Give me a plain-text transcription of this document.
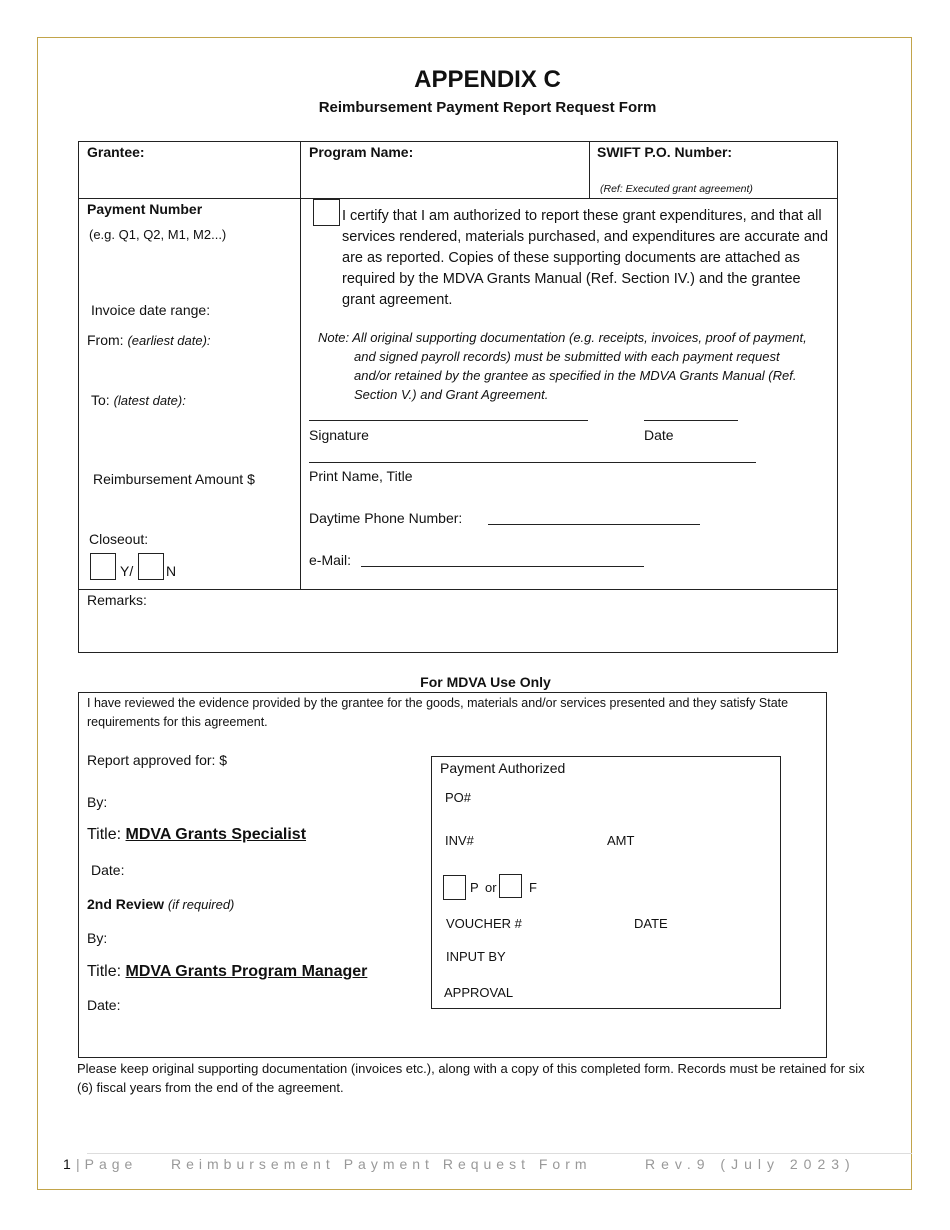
APPENDIX C
Reimbursement Payment Report Request Form
Grantee:	Program Name:	SWIFT P.O. Number:
(Ref: Executed grant agreement)
Payment Number
(e.g. Q1, Q2, M1, M2...)
Invoice date range:
From: (earliest date):
To: (latest date):
Reimbursement Amount $
Closeout:
Y/ N
I certify that I am authorized to report these grant expenditures, and that all services rendered, materials purchased, and expenditures are accurate and are as reported. Copies of these supporting documents are attached as required by the MDVA Grants Manual (Ref. Section IV.) and the grantee grant agreement.
Note: All original supporting documentation (e.g. receipts, invoices, proof of payment, and signed payroll records) must be submitted with each payment request and/or retained by the grantee as specified in the MDVA Grants Manual (Ref. Section V.) and Grant Agreement.
Signature	Date
Print Name, Title
Daytime Phone Number:
e-Mail:
Remarks:
For MDVA Use Only
I have reviewed the evidence provided by the grantee for the goods, materials and/or services presented and they satisfy State requirements for this agreement.
Report approved for: $
By:
Title: MDVA Grants Specialist
Date:
2nd Review (if required)
By:
Title: MDVA Grants Program Manager
Date:
Payment Authorized
PO#
INV#	AMT
P or F
VOUCHER #	DATE
INPUT BY
APPROVAL
Please keep original supporting documentation (invoices etc.), along with a copy of this completed form. Records must be retained for six (6) fiscal years from the end of the agreement.
1 |Page Reimbursement Payment Request Form	Rev.9 (July 2023)
